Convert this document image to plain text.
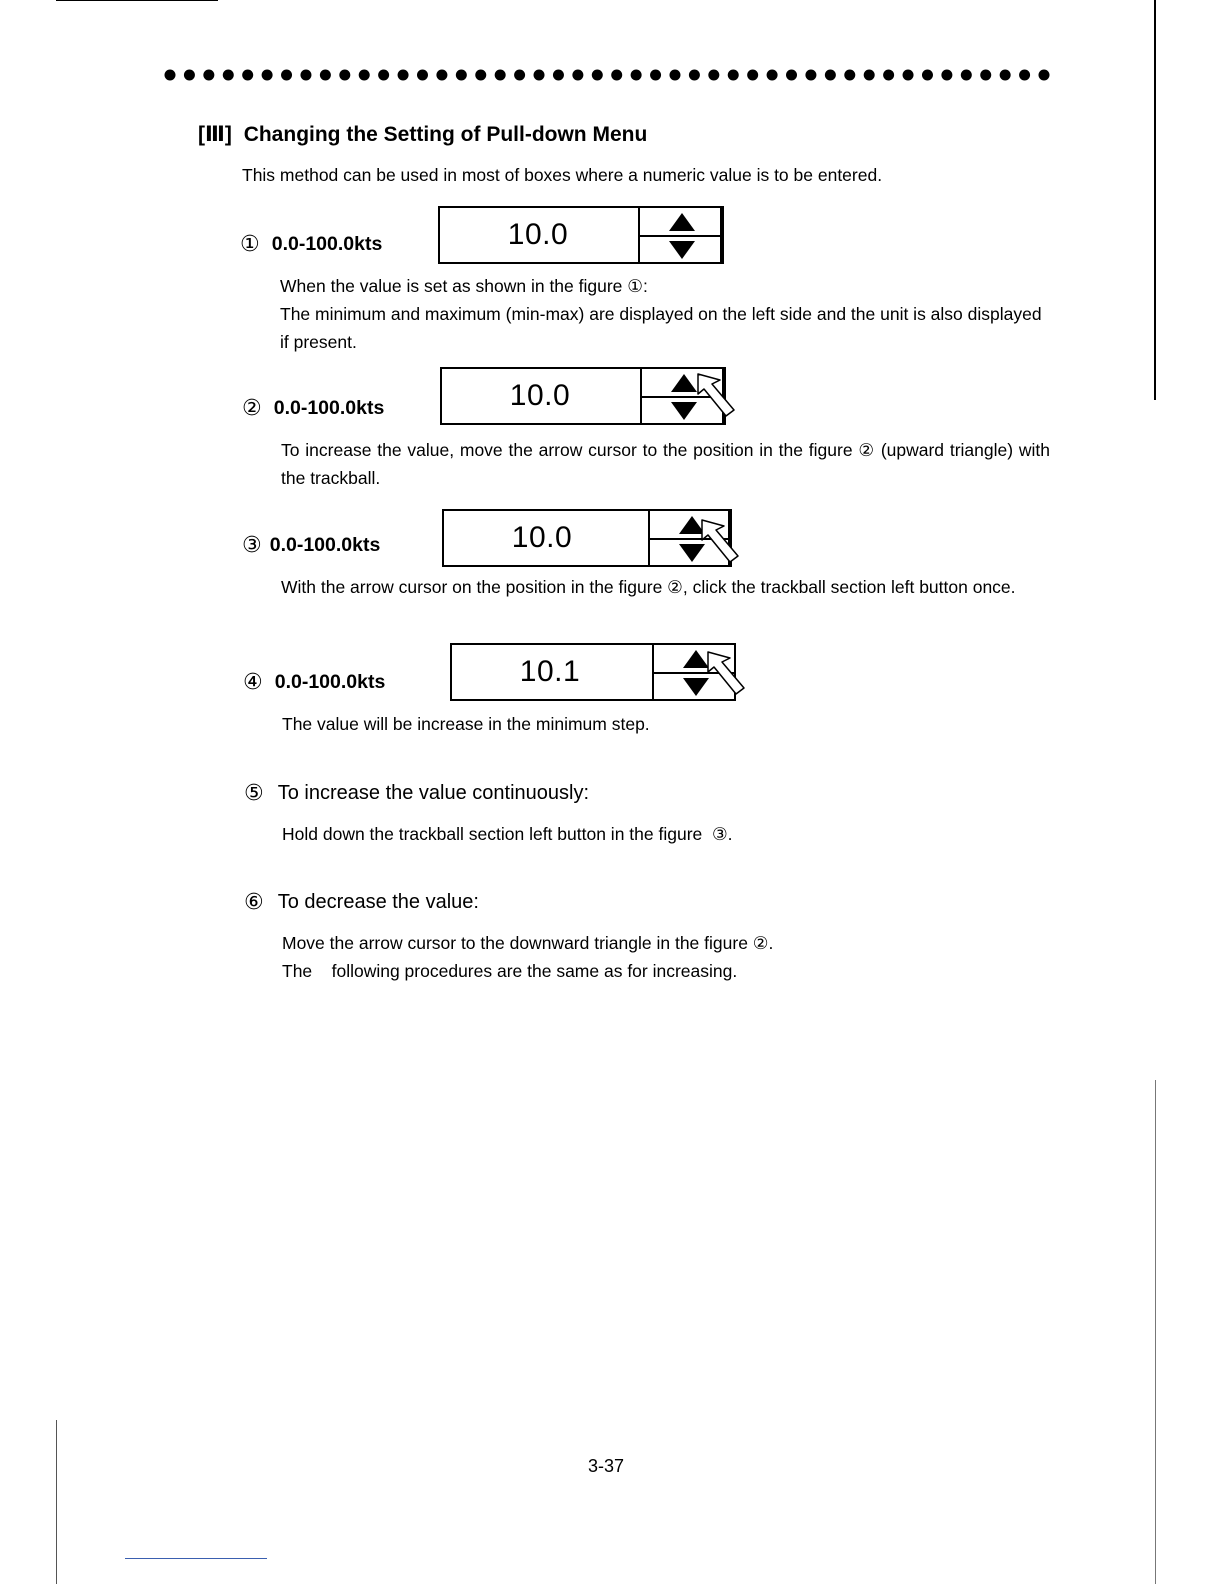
[Ⅲ] Changing the Setting of Pull-down Menu
This method can be used in most of boxes where a numeric value is to be entered.
① 0.0-100.0kts	10.0
When the value is set as shown in the figure ①:
The minimum and maximum (min-max) are displayed on the left side and the unit is also displayed if present.
② 0.0-100.0kts	10.0
To increase the value, move the arrow cursor to the position in the figure ② (upward triangle) with the trackball.
③ 0.0-100.0kts	10.0
With the arrow cursor on the position in the figure ②, click the trackball section left button once.
④ 0.0-100.0kts	10.1
The value will be increase in the minimum step.
⑤ To increase the value continuously:
Hold down the trackball section left button in the figure  ③.
⑥ To decrease the value:
Move the arrow cursor to the downward triangle in the figure ②.
The    following procedures are the same as for increasing.
3-37
